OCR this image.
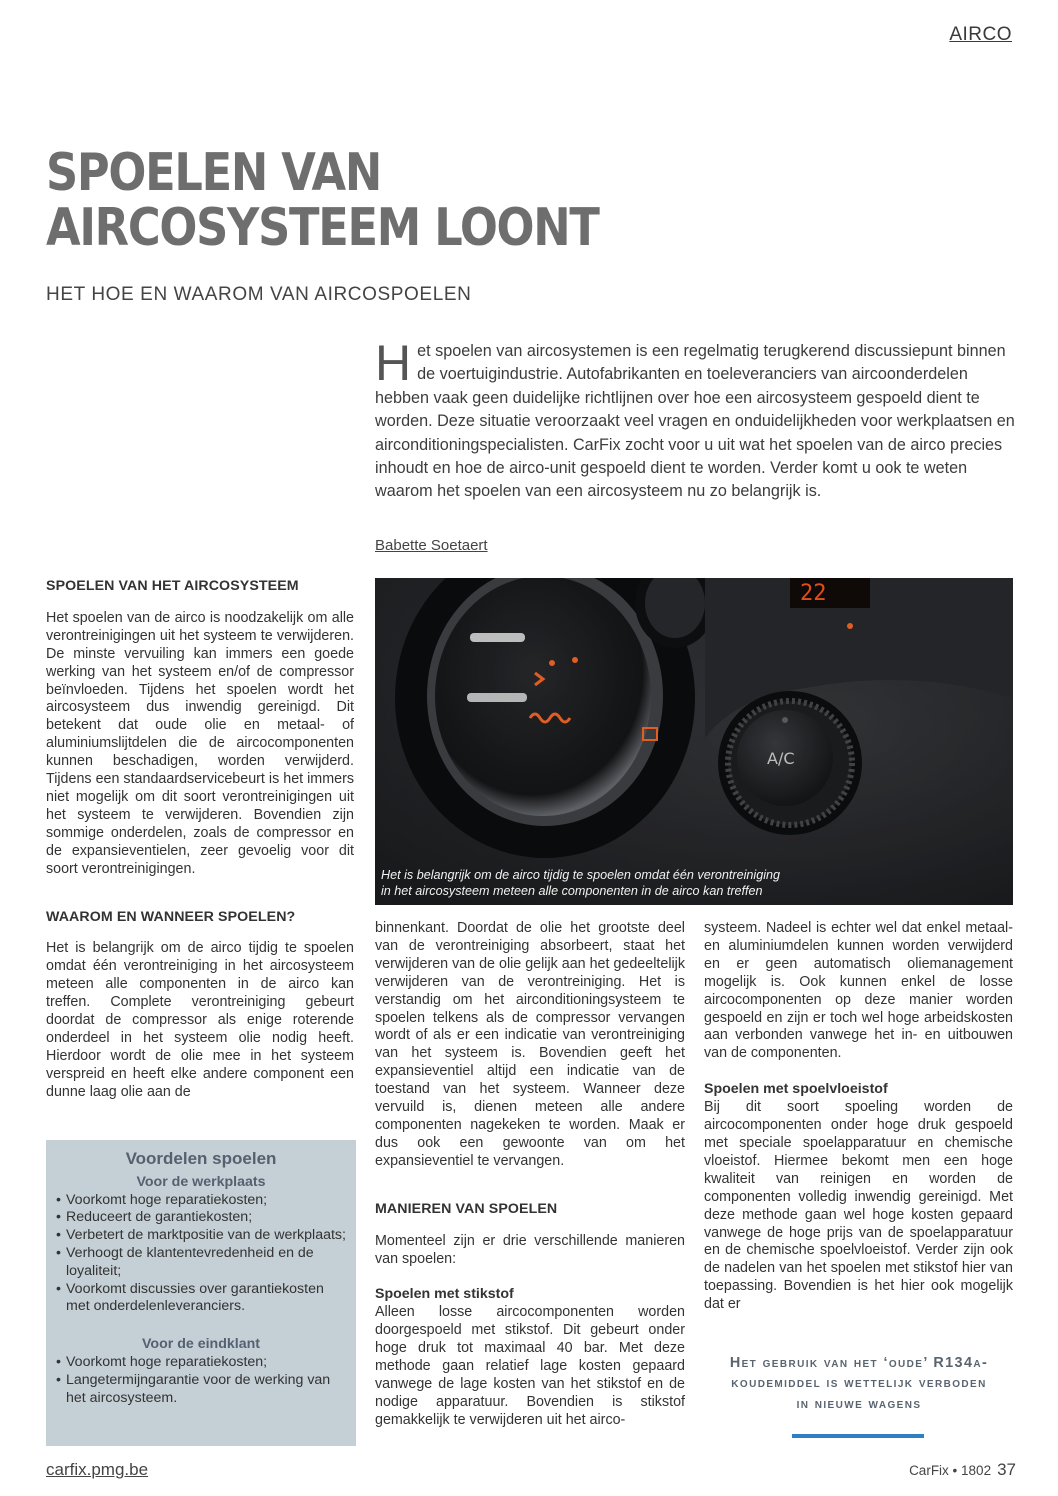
AIRCO
SPOELEN VAN
AIRCOSYSTEEM LOONT
HET HOE EN WAAROM VAN AIRCOSPOELEN
Het spoelen van aircosystemen is een regelmatig terugkerend discussiepunt binnen de voertuigindustrie. Autofabrikanten en toeleveranciers van aircoonderdelen hebben vaak geen duidelijke richtlijnen over hoe een aircosysteem gespoeld dient te worden. Deze situatie veroorzaakt veel vragen en onduidelijkheden voor werkplaatsen en airconditioningspecialisten. CarFix zocht voor u uit wat het spoelen van de airco precies inhoudt en hoe de airco-unit gespoeld dient te worden. Verder komt u ook te weten waarom het spoelen van een aircosysteem nu zo belangrijk is.
Babette Soetaert
SPOELEN VAN HET AIRCOSYSTEEM

Het spoelen van de airco is noodzakelijk om alle verontreinigingen uit het systeem te verwijderen. De minste vervuiling kan immers een goede werking van het systeem en/of de compressor beïnvloeden. Tijdens het spoelen wordt het aircosysteem dus inwendig gereinigd. Dit betekent dat oude olie en metaal- of aluminiumslijtdelen die de aircocomponenten kunnen beschadigen, worden verwijderd. Tijdens een standaardservicebeurt is het immers niet mogelijk om dit soort verontreinigingen uit het systeem te verwijderen. Bovendien zijn sommige onderdelen, zoals de compressor en de expansieventielen, zeer gevoelig voor dit soort verontreinigingen.

WAAROM EN WANNEER SPOELEN?

Het is belangrijk om de airco tijdig te spoelen omdat één verontreiniging in het aircosysteem meteen alle componenten in de airco kan treffen. Complete verontreiniging gebeurt doordat de compressor als enige roterende onderdeel in het systeem olie nodig heeft. Hierdoor wordt de olie mee in het systeem verspreid en heeft elke andere component een dunne laag olie aan de

22
A/C
Het is belangrijk om de airco tijdig te spoelen omdat één verontreiniging
in het aircosysteem meteen alle componenten in de airco kan treffen

binnenkant. Doordat de olie het grootste deel van de verontreiniging absorbeert, staat het verwijderen van de olie gelijk aan het gedeeltelijk verwijderen van de verontreiniging. Het is verstandig om het airconditioningsysteem te spoelen telkens als de compressor vervangen wordt of als er een indicatie van verontreiniging van het systeem is. Bovendien geeft het expansieventiel altijd een indicatie van de toestand van het systeem. Wanneer deze vervuild is, dienen meteen alle andere componenten nagekeken te worden. Maak er dus ook een gewoonte van om het expansieventiel te vervangen.

MANIEREN VAN SPOELEN

Momenteel zijn er drie verschillende manieren van spoelen:

Spoelen met stikstof

Alleen losse aircocomponenten worden doorgespoeld met stikstof. Dit gebeurt onder hoge druk tot maximaal 40 bar. Met deze methode gaan relatief lage kosten gepaard vanwege de lage kosten van het stikstof en de nodige apparatuur. Bovendien is stikstof gemakkelijk te verwijderen uit het airco-

systeem. Nadeel is echter wel dat enkel metaal- en aluminiumdelen kunnen worden verwijderd en er geen automatisch oliemanagement mogelijk is. Ook kunnen enkel de losse aircocomponenten op deze manier worden gespoeld en zijn er toch wel hoge arbeidskosten aan verbonden vanwege het in- en uitbouwen van de componenten.

Spoelen met spoelvloeistof

Bij dit soort spoeling worden de aircocomponenten onder hoge druk gespoeld met speciale spoelapparatuur en chemische vloeistof. Hiermee bekomt men een hoge kwaliteit van reinigen en worden de componenten volledig inwendig gereinigd. Met deze methode gaan wel hoge kosten gepaard vanwege de hoge prijs van de spoelapparatuur en de chemische spoelvloeistof. Verder zijn ook de nadelen van het spoelen met stikstof hier van toepassing. Bovendien is het hier ook mogelijk dat er

Voordelen spoelen
Voor de werkplaats
• Voorkomt hoge reparatiekosten;
• Reduceert de garantiekosten;
• Verbetert de marktpositie van de werkplaats;
• Verhoogt de klantentevredenheid en de loyaliteit;
• Voorkomt discussies over garantiekosten met onderdelenleveranciers.
Voor de eindklant
• Voorkomt hoge reparatiekosten;
• Langetermijngarantie voor de werking van het aircosysteem.
Het gebruik van het ‘oude’ R134a-
koudemiddel is wettelijk verboden
in nieuwe wagens
carfix.pmg.be	CarFix • 1802 37
